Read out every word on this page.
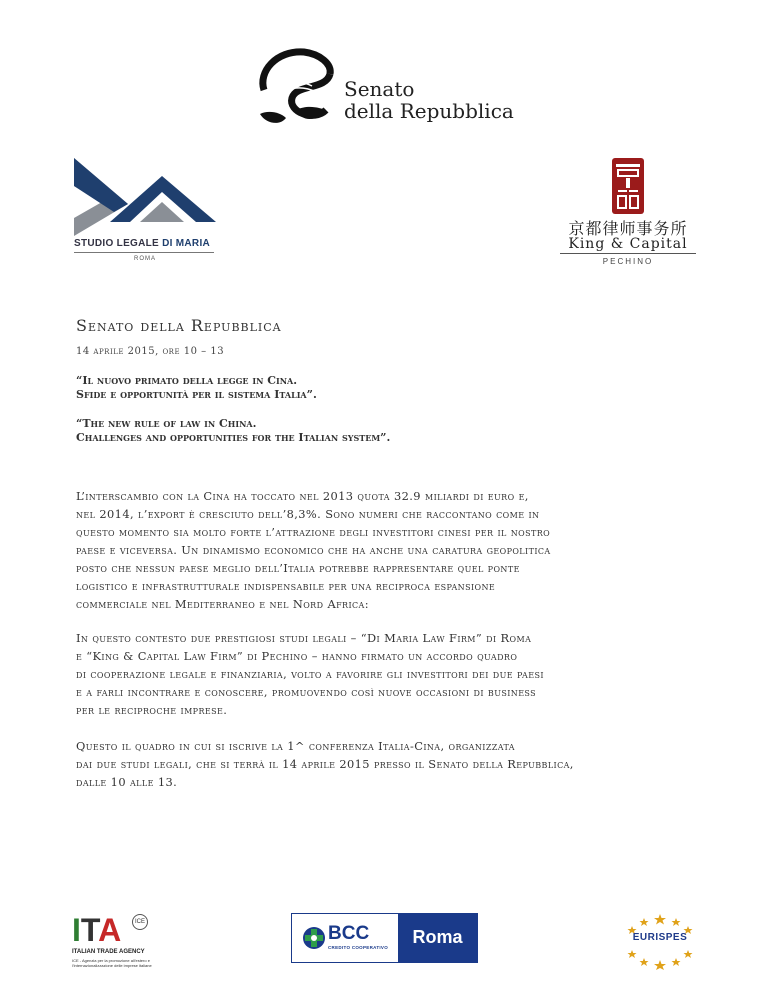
Senato
della Repubblica
STUDIO LEGALE DI MARIA
ROMA
京都律师事务所
King & Capital
PECHINO
Senato della Repubblica
14 aprile 2015, ore 10 – 13
“Il nuovo primato della legge in Cina.
Sfide e opportunità per il sistema Italia”.
“The new rule of law in China.
Challenges and opportunities for the Italian system”.
L’interscambio con la Cina ha toccato nel 2013 quota 32.9 miliardi di euro e,
nel 2014, l’export è cresciuto dell’8,3%. Sono numeri che raccontano come in
questo momento sia molto forte l’attrazione degli investitori cinesi per il nostro
paese e viceversa. Un dinamismo economico che ha anche una caratura geopolitica
posto che nessun paese meglio dell’Italia potrebbe rappresentare quel ponte
logistico e infrastrutturale indispensabile per una reciproca espansione
commerciale nel Mediterraneo e nel Nord Africa:
In questo contesto due prestigiosi studi legali – “Di Maria Law Firm” di Roma
e “King & Capital Law Firm” di Pechino – hanno firmato un accordo quadro
di cooperazione legale e finanziaria, volto a favorire gli investitori dei due paesi
e a farli incontrare e conoscere, promuovendo così nuove occasioni di business
per le reciproche imprese.
Questo il quadro in cui si iscrive la 1^ conferenza Italia-Cina, organizzata
dai due studi legali, che si terrà il 14 aprile 2015 presso il Senato della Repubblica,
dalle 10 alle 13.
ITA	ICE
ITALIAN TRADE AGENCY
ICE - Agenzia per la promozione all'estero e l'internazionalizzazione delle imprese italiane
BCC
CREDITO COOPERATIVO
Roma	EURISPES
